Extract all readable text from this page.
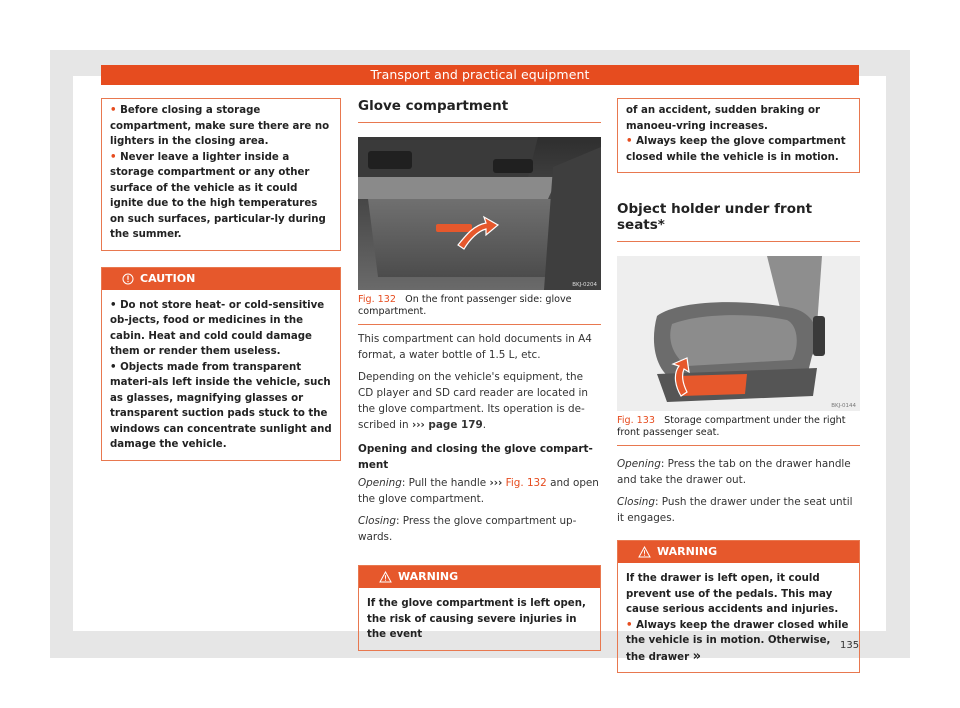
Transport and practical equipment

• Before closing a storage compartment, make sure there are no lighters in the closing area.

• Never leave a lighter inside a storage compartment or any other surface of the vehicle as it could ignite due to the high temperatures on such surfaces, particular-ly during the summer.

CAUTION

• Do not store heat- or cold-sensitive ob-jects, food or medicines in the cabin. Heat and cold could damage them or render them useless.

• Objects made from transparent materi-als left inside the vehicle, such as glasses, magnifying glasses or transparent suction pads stuck to the windows can concentrate sunlight and damage the vehicle.

Glove compartment
BKJ-0204
Fig. 132 On the front passenger side: glove compartment.

This compartment can hold documents in A4 format, a water bottle of 1.5 L, etc.

Depending on the vehicle's equipment, the CD player and SD card reader are located in the glove compartment. Its operation is de-scribed in ››› page 179.

Opening and closing the glove compart-ment

Opening: Pull the handle ››› Fig. 132 and open the glove compartment.

Closing: Press the glove compartment up-wards.

WARNING

If the glove compartment is left open, the risk of causing severe injuries in the event

of an accident, sudden braking or manoeu-vring increases.

• Always keep the glove compartment closed while the vehicle is in motion.

Object holder under front seats*
BKJ-0144
Fig. 133 Storage compartment under the right front passenger seat.

Opening: Press the tab on the drawer handle and take the drawer out.

Closing: Push the drawer under the seat until it engages.

WARNING

If the drawer is left open, it could prevent use of the pedals. This may cause serious accidents and injuries.

• Always keep the drawer closed while the vehicle is in motion. Otherwise, the drawer »

135
